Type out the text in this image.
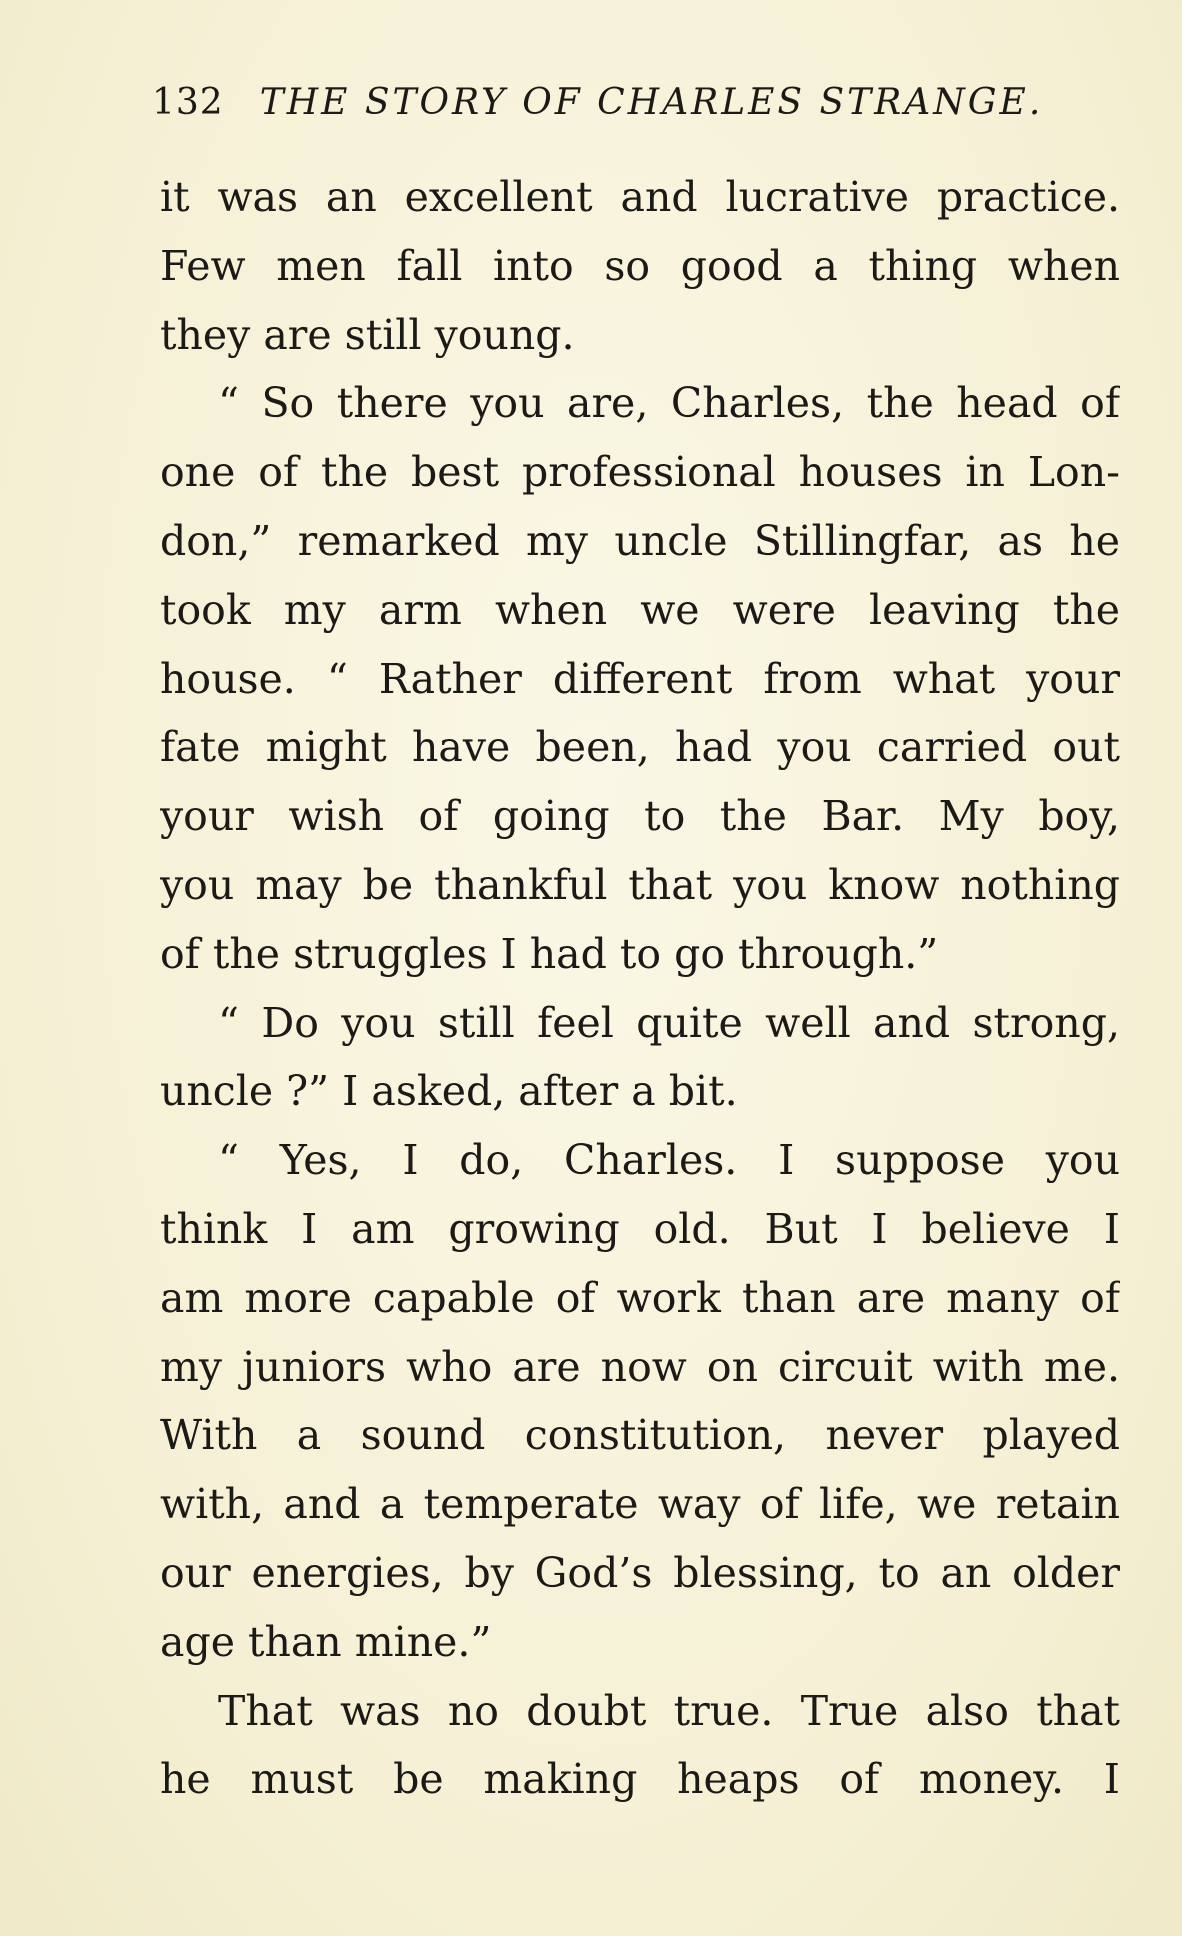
132 THE STORY OF CHARLES STRANGE.
it was an excellent and lucrative practice.
Few men fall into so good a thing when
they are still young.
“ So there you are, Charles, the head of
one of the best professional houses in Lon-
don,” remarked my uncle Stillingfar, as he
took my arm when we were leaving the
house. “ Rather different from what your
fate might have been, had you carried out
your wish of going to the Bar. My boy,
you may be thankful that you know nothing
of the struggles I had to go through.”
“ Do you still feel quite well and strong,
uncle ?” I asked, after a bit.
“ Yes, I do, Charles. I suppose you
think I am growing old. But I believe I
am more capable of work than are many of
my juniors who are now on circuit with me.
With a sound constitution, never played
with, and a temperate way of life, we retain
our energies, by God’s blessing, to an older
age than mine.”
That was no doubt true. True also that
he must be making heaps of money. I
